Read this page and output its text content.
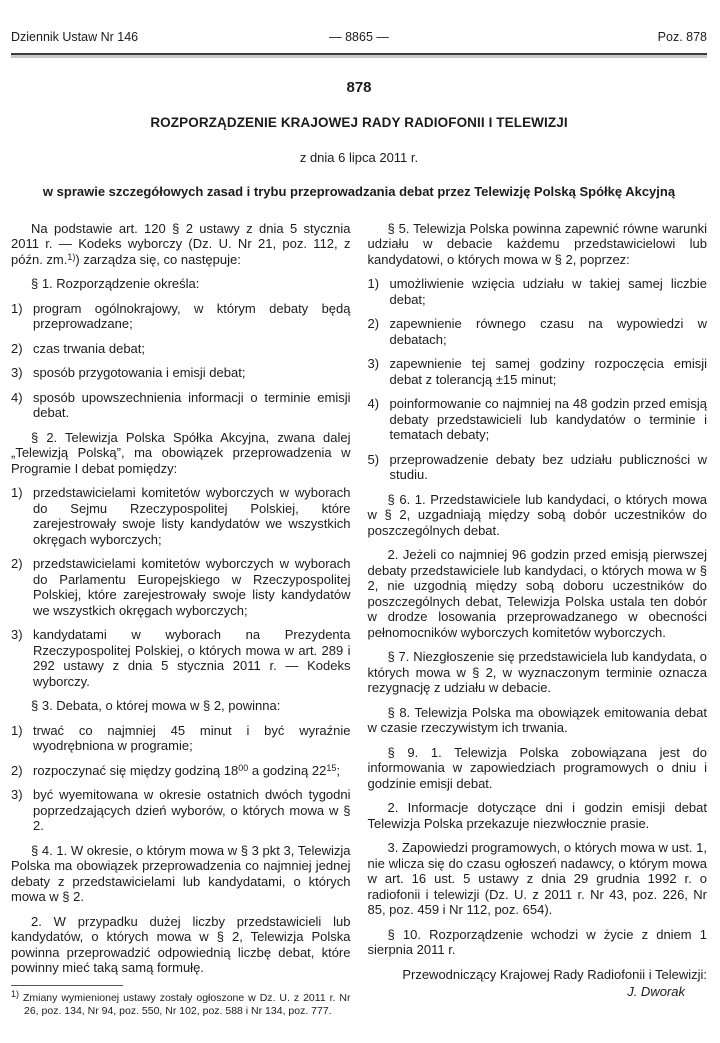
Dziennik Ustaw Nr 146	— 8865 —	Poz. 878
878
ROZPORZĄDZENIE KRAJOWEJ RADY RADIOFONII I TELEWIZJI
z dnia 6 lipca 2011 r.
w sprawie szczegółowych zasad i trybu przeprowadzania debat przez Telewizję Polską Spółkę Akcyjną

Na podstawie art. 120 § 2 ustawy z dnia 5 stycznia 2011 r. — Kodeks wyborczy (Dz. U. Nr 21, poz. 112, z późn. zm.$^{1)}$) zarządza się, co następuje:

§ 1. Rozporządzenie określa:

1) program ogólnokrajowy, w którym debaty będą przeprowadzane;
2) czas trwania debat;
3) sposób przygotowania i emisji debat;
4) sposób upowszechnienia informacji o terminie emisji debat.

§ 2. Telewizja Polska Spółka Akcyjna, zwana dalej „Telewizją Polską”, ma obowiązek przeprowadzenia w Programie I debat pomiędzy:

1) przedstawicielami komitetów wyborczych w wyborach do Sejmu Rzeczypospolitej Polskiej, które zarejestrowały swoje listy kandydatów we wszystkich okręgach wyborczych;
2) przedstawicielami komitetów wyborczych w wyborach do Parlamentu Europejskiego w Rzeczypospolitej Polskiej, które zarejestrowały swoje listy kandydatów we wszystkich okręgach wyborczych;
3) kandydatami w wyborach na Prezydenta Rzeczypospolitej Polskiej, o których mowa w art. 289 i 292 ustawy z dnia 5 stycznia 2011 r. — Kodeks wyborczy.

§ 3. Debata, o której mowa w § 2, powinna:

1) trwać co najmniej 45 minut i być wyraźnie wyodrębniona w programie;
2) rozpoczynać się między godziną $18^{00}$ a godziną $22^{15}$;
3) być wyemitowana w okresie ostatnich dwóch tygodni poprzedzających dzień wyborów, o których mowa w § 2.

§ 4. 1. W okresie, o którym mowa w § 3 pkt 3, Telewizja Polska ma obowiązek przeprowadzenia co najmniej jednej debaty z przedstawicielami lub kandydatami, o których mowa w § 2.

2. W przypadku dużej liczby przedstawicieli lub kandydatów, o których mowa w § 2, Telewizja Polska powinna przeprowadzić odpowiednią liczbę debat, które powinny mieć taką samą formułę.

$^{1)}$ Zmiany wymienionej ustawy zostały ogłoszone w Dz. U. z 2011 r. Nr 26, poz. 134, Nr 94, poz. 550, Nr 102, poz. 588 i Nr 134, poz. 777.

§ 5. Telewizja Polska powinna zapewnić równe warunki udziału w debacie każdemu przedstawicielowi lub kandydatowi, o których mowa w § 2, poprzez:

1) umożliwienie wzięcia udziału w takiej samej liczbie debat;
2) zapewnienie równego czasu na wypowiedzi w debatach;
3) zapewnienie tej samej godziny rozpoczęcia emisji debat z tolerancją ±15 minut;
4) poinformowanie co najmniej na 48 godzin przed emisją debaty przedstawicieli lub kandydatów o terminie i tematach debaty;
5) przeprowadzenie debaty bez udziału publiczności w studiu.

§ 6. 1. Przedstawiciele lub kandydaci, o których mowa w § 2, uzgadniają między sobą dobór uczestników do poszczególnych debat.

2. Jeżeli co najmniej 96 godzin przed emisją pierwszej debaty przedstawiciele lub kandydaci, o których mowa w § 2, nie uzgodnią między sobą doboru uczestników do poszczególnych debat, Telewizja Polska ustala ten dobór w drodze losowania przeprowadzanego w obecności pełnomocników wyborczych komitetów wyborczych.

§ 7. Niezgłoszenie się przedstawiciela lub kandydata, o których mowa w § 2, w wyznaczonym terminie oznacza rezygnację z udziału w debacie.

§ 8. Telewizja Polska ma obowiązek emitowania debat w czasie rzeczywistym ich trwania.

§ 9. 1. Telewizja Polska zobowiązana jest do informowania w zapowiedziach programowych o dniu i godzinie emisji debat.

2. Informacje dotyczące dni i godzin emisji debat Telewizja Polska przekazuje niezwłocznie prasie.

3. Zapowiedzi programowych, o których mowa w ust. 1, nie wlicza się do czasu ogłoszeń nadawcy, o którym mowa w art. 16 ust. 5 ustawy z dnia 29 grudnia 1992 r. o radiofonii i telewizji (Dz. U. z 2011 r. Nr 43, poz. 226, Nr 85, poz. 459 i Nr 112, poz. 654).

§ 10. Rozporządzenie wchodzi w życie z dniem 1 sierpnia 2011 r.

Przewodniczący Krajowej Rady Radiofonii i Telewizji:
J. Dworak
